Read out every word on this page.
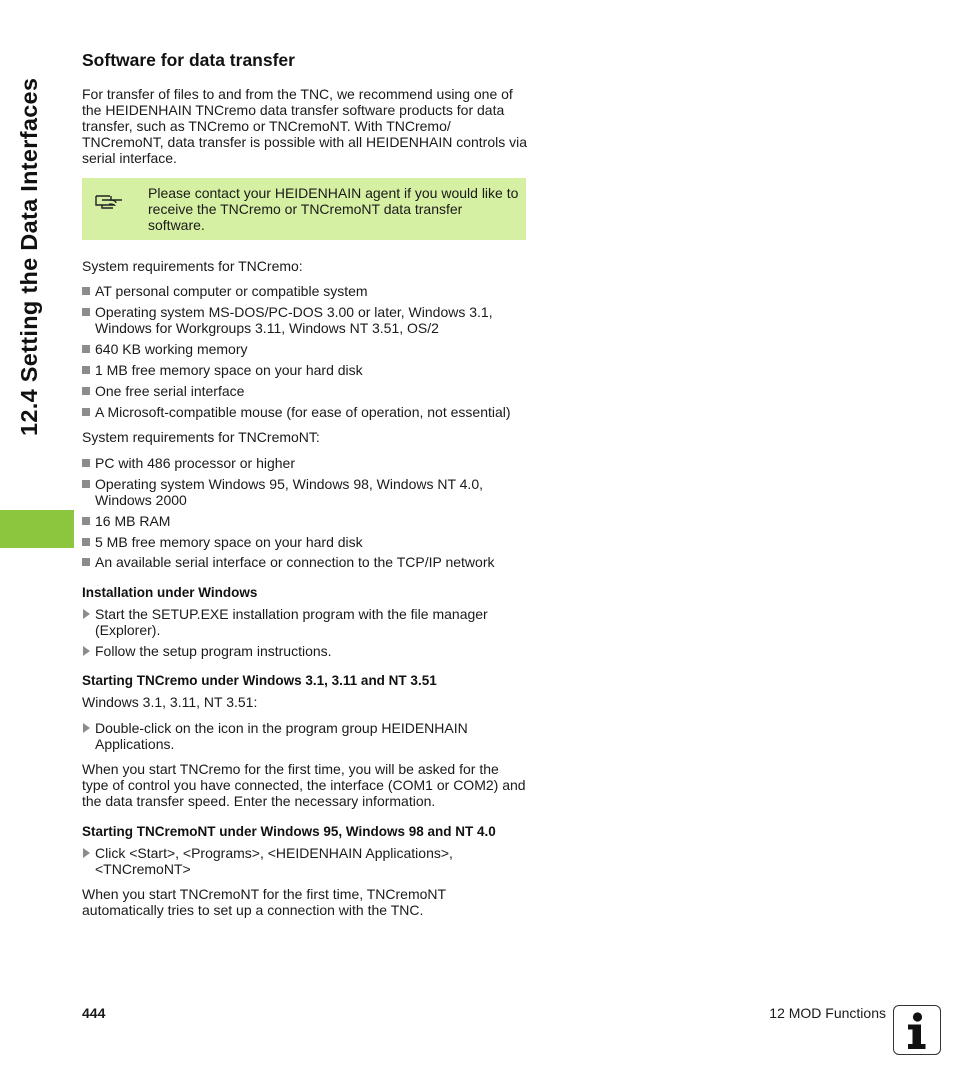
12.4 Setting the Data Interfaces
Software for data transfer
For transfer of files to and from the TNC, we recommend using one of the HEIDENHAIN TNCremo data transfer software products for data transfer, such as TNCremo or TNCremoNT. With TNCremo/ TNCremoNT, data transfer is possible with all HEIDENHAIN controls via serial interface.
Please contact your HEIDENHAIN agent if you would like to receive the TNCremo or TNCremoNT data transfer software.
System requirements for TNCremo:
AT personal computer or compatible system
Operating system MS-DOS/PC-DOS 3.00 or later, Windows 3.1, Windows for Workgroups 3.11, Windows NT 3.51, OS/2
640 KB working memory
1 MB free memory space on your hard disk
One free serial interface
A Microsoft-compatible mouse (for ease of operation, not essential)
System requirements for TNCremoNT:
PC with 486 processor or higher
Operating system Windows 95, Windows 98, Windows NT 4.0, Windows 2000
16 MB RAM
5 MB free memory space on your hard disk
An available serial interface or connection to the TCP/IP network
Installation under Windows
Start the SETUP.EXE installation program with the file manager (Explorer).
Follow the setup program instructions.
Starting TNCremo under Windows 3.1, 3.11 and NT 3.51
Windows 3.1, 3.11, NT 3.51:
Double-click on the icon in the program group HEIDENHAIN Applications.
When you start TNCremo for the first time, you will be asked for the type of control you have connected, the interface (COM1 or COM2) and the data transfer speed. Enter the necessary information.
Starting TNCremoNT under Windows 95, Windows 98 and NT 4.0
Click <Start>, <Programs>, <HEIDENHAIN Applications>, <TNCremoNT>
When you start TNCremoNT for the first time, TNCremoNT automatically tries to set up a connection with the TNC.
444	12 MOD Functions
